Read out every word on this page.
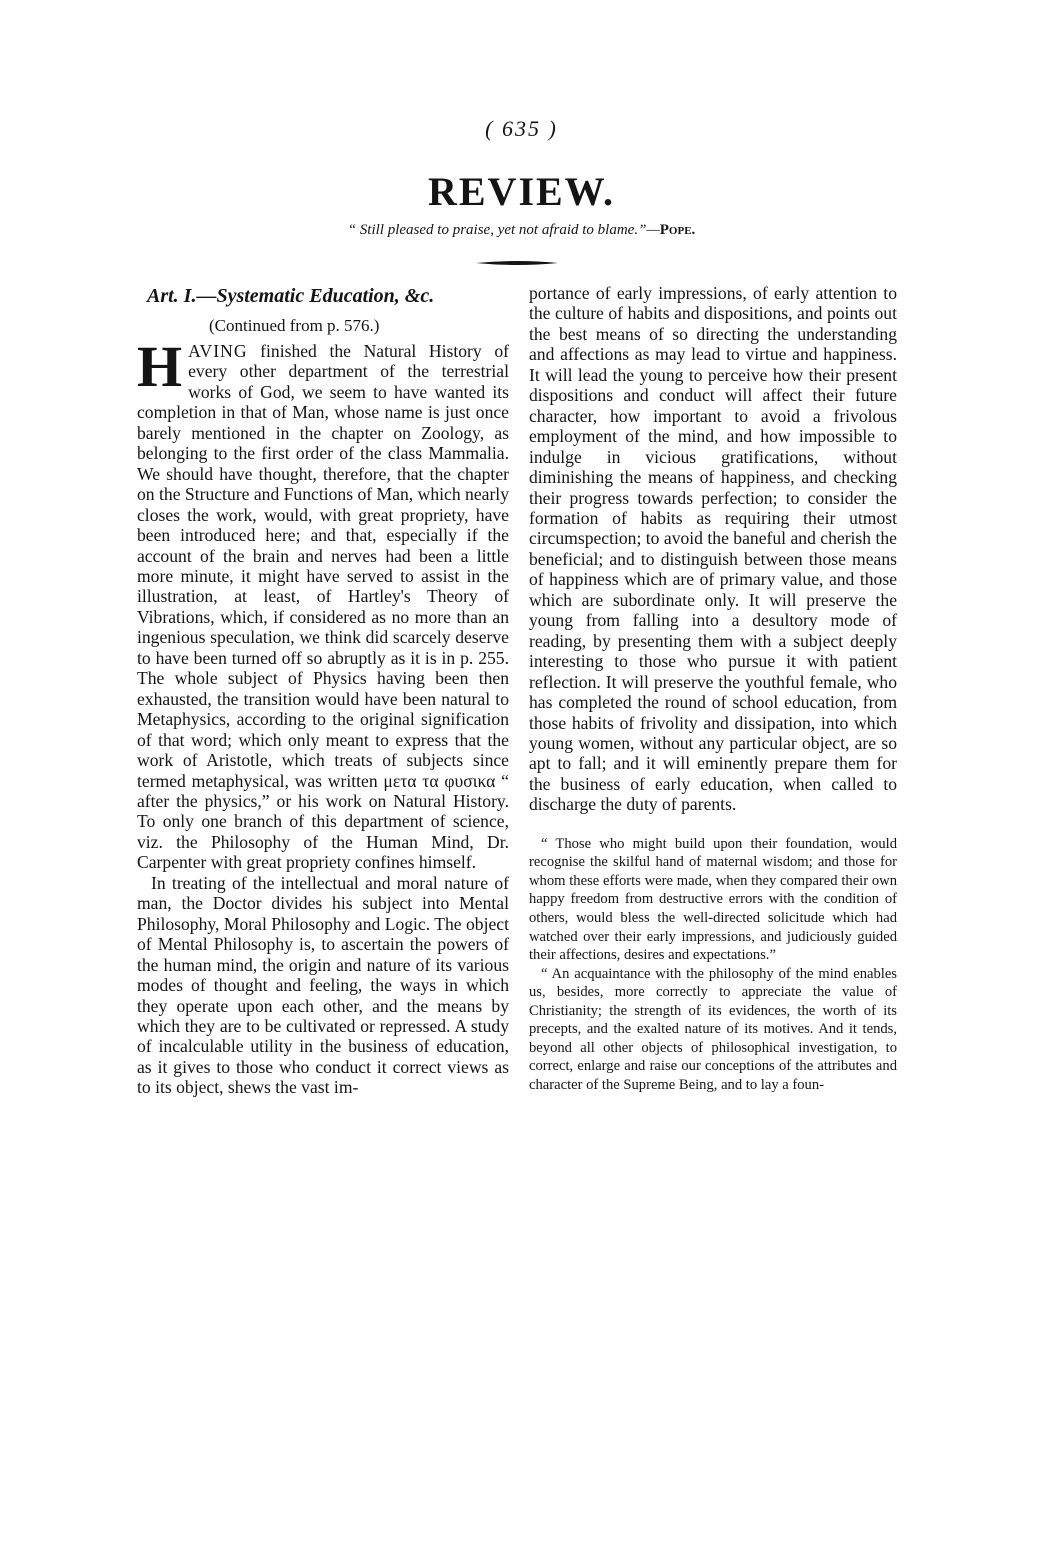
( 635 )
REVIEW.
“ Still pleased to praise, yet not afraid to blame.”—Pope.
Art. I.—Systematic Education, &c.
(Continued from p. 576.)

HAVING finished the Natural History of every other department of the terrestrial works of God, we seem to have wanted its completion in that of Man, whose name is just once barely mentioned in the chapter on Zoology, as belonging to the first order of the class Mammalia. We should have thought, therefore, that the chapter on the Structure and Functions of Man, which nearly closes the work, would, with great propriety, have been introduced here; and that, especially if the account of the brain and nerves had been a little more minute, it might have served to assist in the illustration, at least, of Hartley's Theory of Vibrations, which, if considered as no more than an ingenious speculation, we think did scarcely deserve to have been turned off so abruptly as it is in p. 255. The whole subject of Physics having been then exhausted, the transition would have been natural to Metaphysics, according to the original signification of that word; which only meant to express that the work of Aristotle, which treats of subjects since termed metaphysical, was written μετα τα φυσικα “ after the physics,” or his work on Natural History. To only one branch of this department of science, viz. the Philosophy of the Human Mind, Dr. Carpenter with great propriety confines himself.

In treating of the intellectual and moral nature of man, the Doctor divides his subject into Mental Philosophy, Moral Philosophy and Logic. The object of Mental Philosophy is, to ascertain the powers of the human mind, the origin and nature of its various modes of thought and feeling, the ways in which they operate upon each other, and the means by which they are to be cultivated or repressed. A study of incalculable utility in the business of education, as it gives to those who conduct it correct views as to its object, shews the vast im-

portance of early impressions, of early attention to the culture of habits and dispositions, and points out the best means of so directing the understanding and affections as may lead to virtue and happiness. It will lead the young to perceive how their present dispositions and conduct will affect their future character, how important to avoid a frivolous employment of the mind, and how impossible to indulge in vicious gratifications, without diminishing the means of happiness, and checking their progress towards perfection; to consider the formation of habits as requiring their utmost circumspection; to avoid the baneful and cherish the beneficial; and to distinguish between those means of happiness which are of primary value, and those which are subordinate only. It will preserve the young from falling into a desultory mode of reading, by presenting them with a subject deeply interesting to those who pursue it with patient reflection. It will preserve the youthful female, who has completed the round of school education, from those habits of frivolity and dissipation, into which young women, without any particular object, are so apt to fall; and it will eminently prepare them for the business of early education, when called to discharge the duty of parents.

“ Those who might build upon their foundation, would recognise the skilful hand of maternal wisdom; and those for whom these efforts were made, when they compared their own happy freedom from destructive errors with the condition of others, would bless the well-directed solicitude which had watched over their early impressions, and judiciously guided their affections, desires and expectations.”

“ An acquaintance with the philosophy of the mind enables us, besides, more correctly to appreciate the value of Christianity; the strength of its evidences, the worth of its precepts, and the exalted nature of its motives. And it tends, beyond all other objects of philosophical investigation, to correct, enlarge and raise our conceptions of the attributes and character of the Supreme Being, and to lay a foun-
